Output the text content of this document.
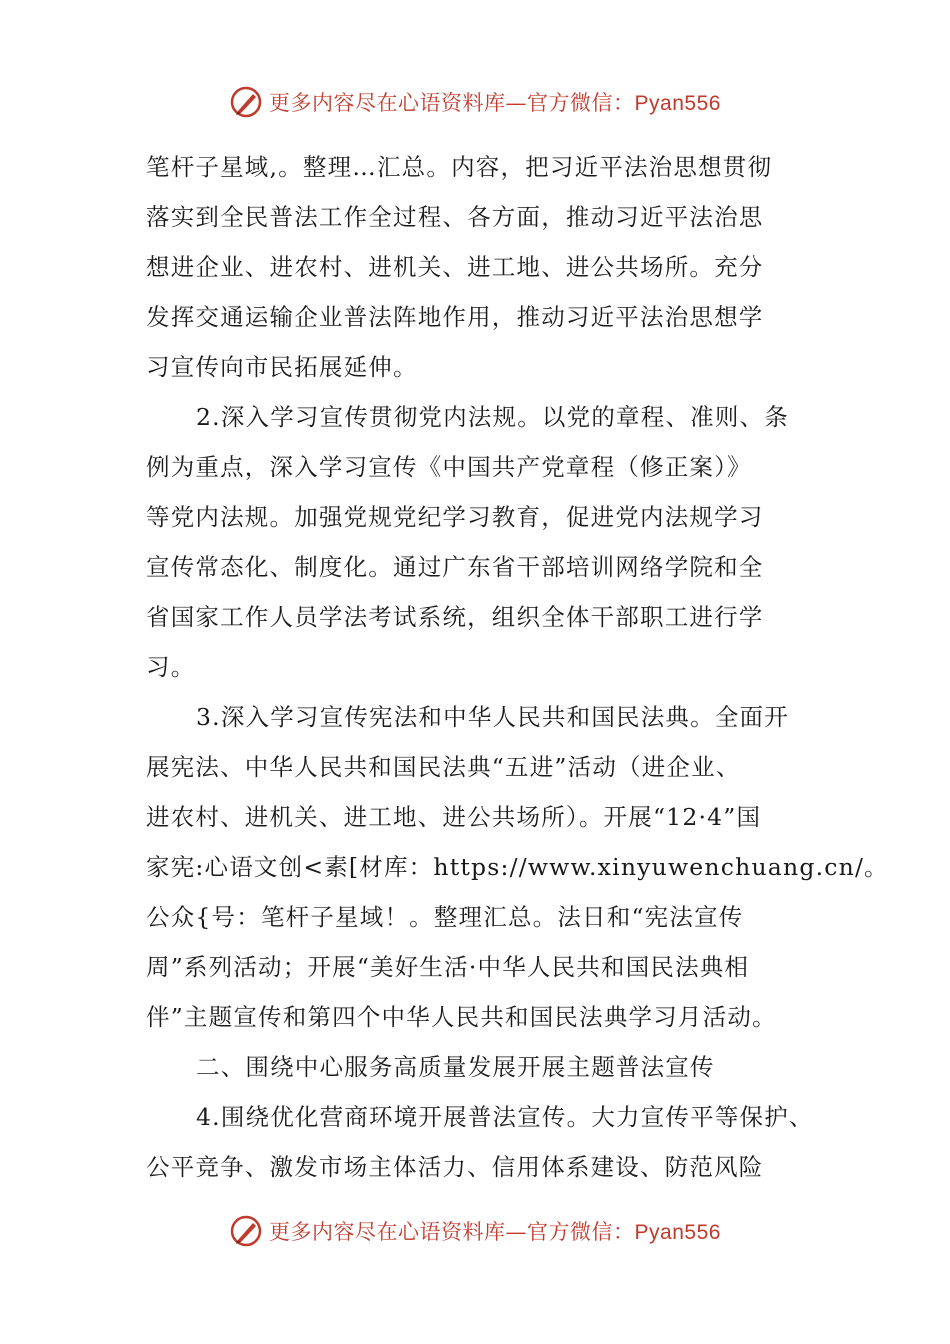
更多内容尽在心语资料库—官方微信：Pyan556
笔杆子星域,。整理…汇总。内容，把习近平法治思想贯彻
落实到全民普法工作全过程、各方面，推动习近平法治思
想进企业、进农村、进机关、进工地、进公共场所。充分
发挥交通运输企业普法阵地作用，推动习近平法治思想学
习宣传向市民拓展延伸。
2.深入学习宣传贯彻党内法规。以党的章程、准则、条
例为重点，深入学习宣传《中国共产党章程（修正案）》
等党内法规。加强党规党纪学习教育，促进党内法规学习
宣传常态化、制度化。通过广东省干部培训网络学院和全
省国家工作人员学法考试系统，组织全体干部职工进行学
习。
3.深入学习宣传宪法和中华人民共和国民法典。全面开
展宪法、中华人民共和国民法典“五进”活动（进企业、
进农村、进机关、进工地、进公共场所）。开展“12·4”国
家宪:心语文创<素[材库：https://www.xinyuwenchuang.cn/。
公众{号：笔杆子星域！。整理汇总。法日和“宪法宣传
周”系列活动；开展“美好生活·中华人民共和国民法典相
伴”主题宣传和第四个中华人民共和国民法典学习月活动。
二、围绕中心服务高质量发展开展主题普法宣传
4.围绕优化营商环境开展普法宣传。大力宣传平等保护、
公平竞争、激发市场主体活力、信用体系建设、防范风险
更多内容尽在心语资料库—官方微信：Pyan556
